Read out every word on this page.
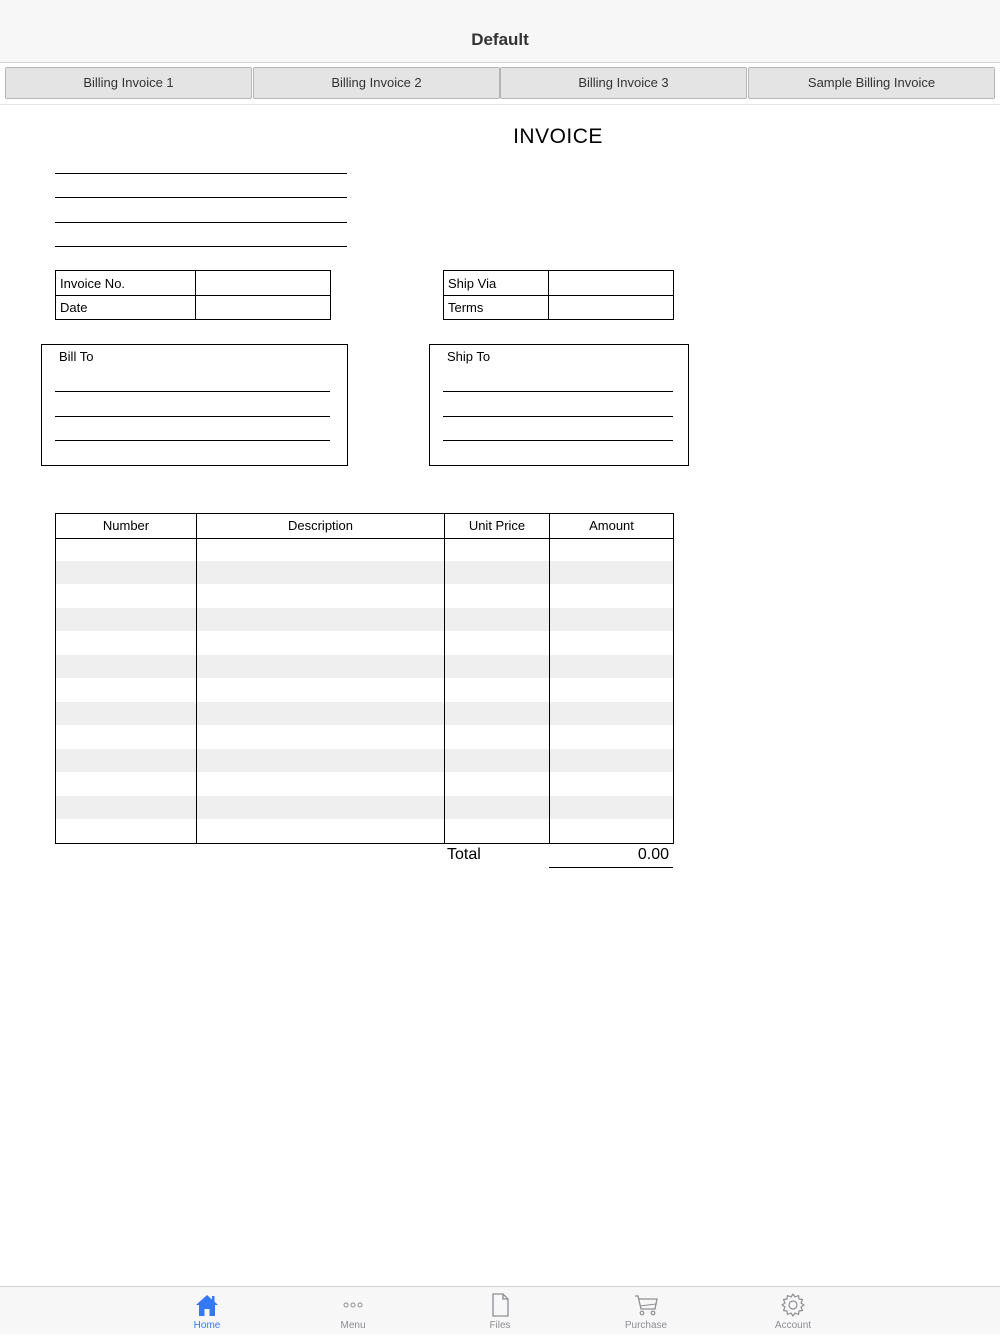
Default
Billing Invoice 1	Billing Invoice 2	Billing Invoice 3	Sample Billing Invoice
INVOICE
Invoice No.
Date
Ship Via
Terms
Bill To	Ship To
Number	Description	Unit Price	Amount
Total	0.00
Home	Menu	Files	Purchase	Account
